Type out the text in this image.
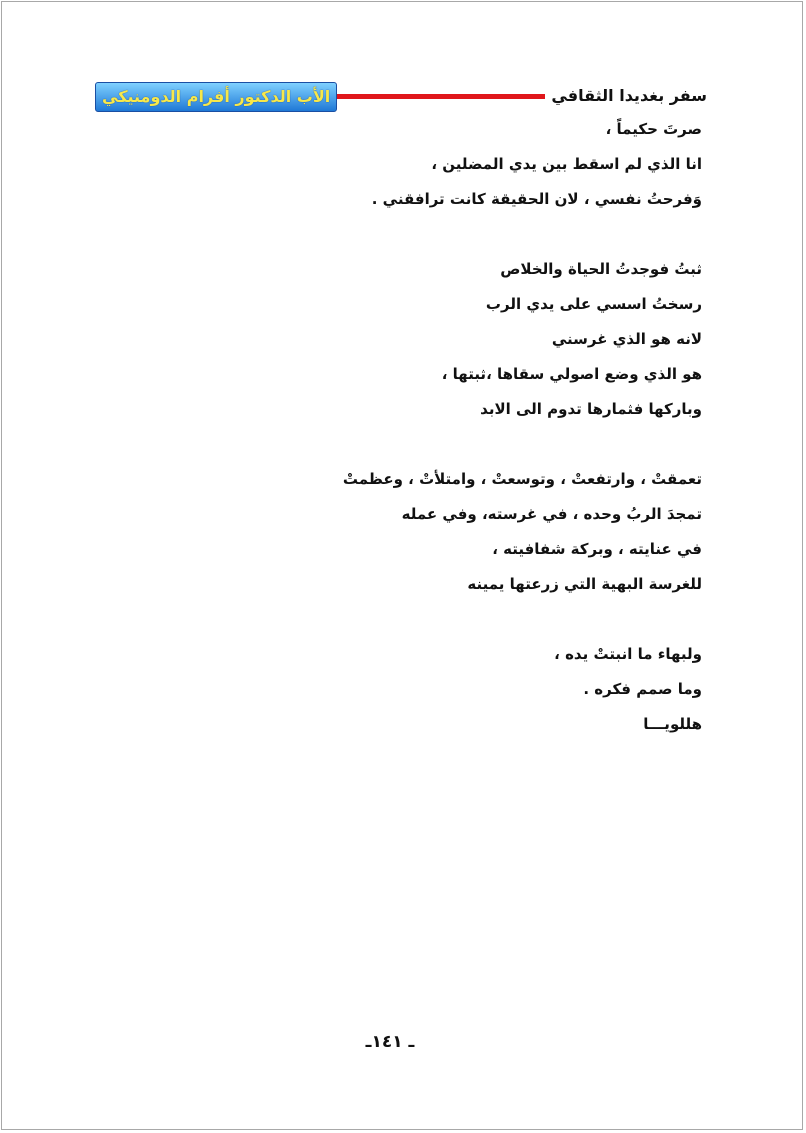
الأب الدكتور أفرام الدومنيكي	سفر بغديدا الثقافي
صرتَ حكيماً ،
انا الذي لم اسقط بين يدي المضلين ،
وَفرحتُ نفسي ، لان الحقيقة كانت ترافقني .
ثبتُ فوجدتُ الحياة والخلاص
رسختُ اسسي على يدي الرب
لانه هو الذي غرسني
هو الذي وضع اصولي سقاها ،ثبتها ،
وباركها فثمارها تدوم الى الابد
تعمقتْ ، وارتفعتْ ، وتوسعتْ ، وامتلأتْ ، وعظمتْ
تمجدَ الربُ وحده ، في غرسته، وفي عمله
في عنايته ، وبركة شفافيته ،
للغرسة البهية التي زرعتها يمينه
ولبهاء ما انبتتْ يده ،
وما صمم فكره .
هللويـــا
ـ ١٤١ـ
